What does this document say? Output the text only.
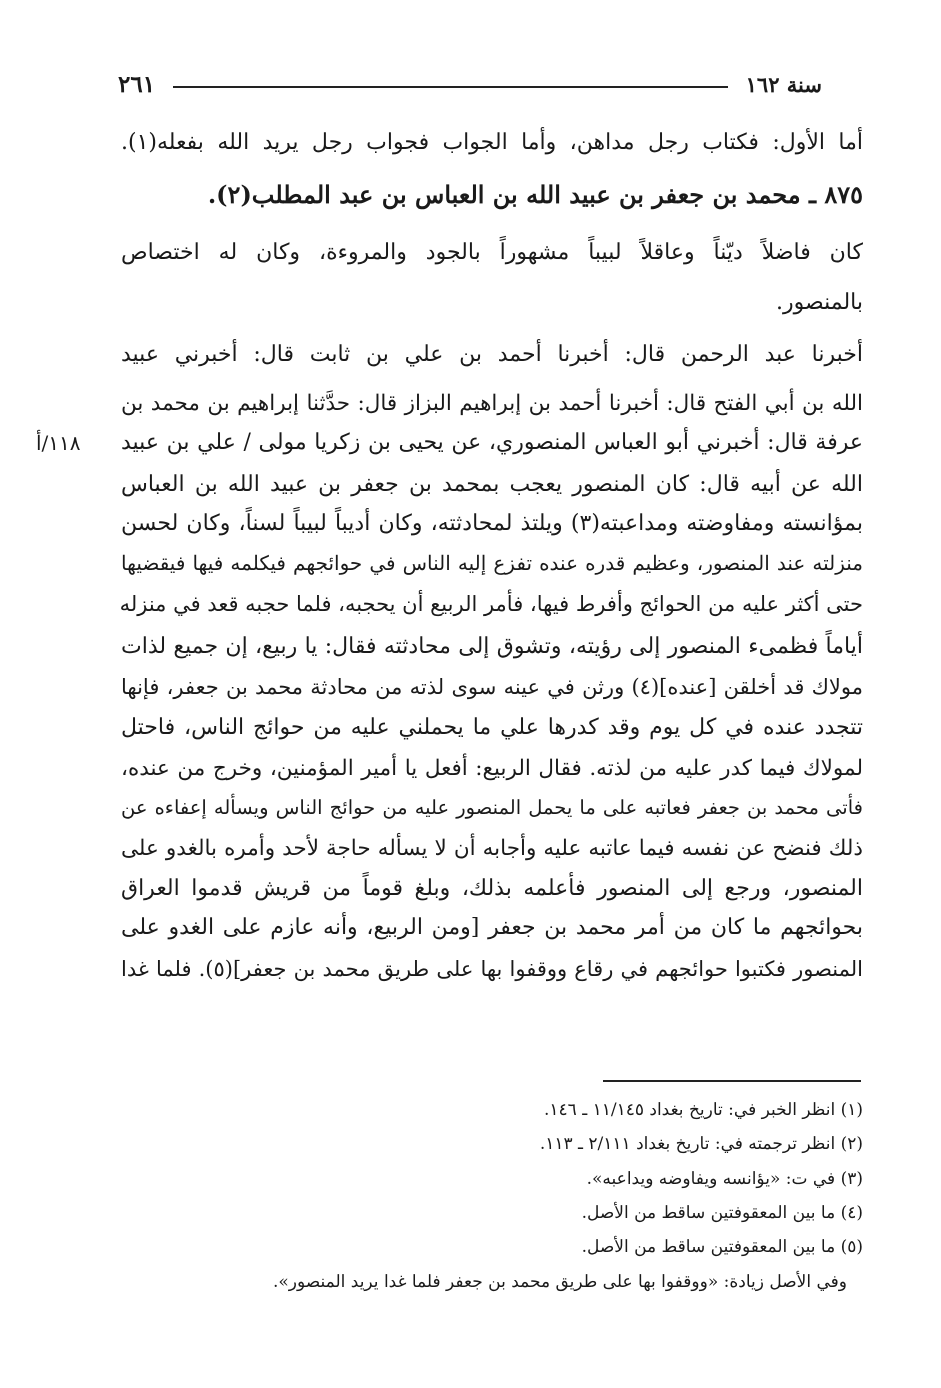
سنة ١٦٢
٢٦١
أما الأول: فكتاب رجل مداهن، وأما الجواب فجواب رجل يريد الله بفعله(١).
٨٧٥ ـ محمد بن جعفر بن عبيد الله بن العباس بن عبد المطلب(٢).
كان فاضلاً ديّناً وعاقلاً لبيباً مشهوراً بالجود والمروءة، وكان له اختصاص
بالمنصور.
أخبرنا عبد الرحمن قال: أخبرنا أحمد بن علي بن ثابت قال: أخبرني عبيد
الله بن أبي الفتح قال: أخبرنا أحمد بن إبراهيم البزاز قال: حدَّثنا إبراهيم بن محمد بن
عرفة قال: أخبرني أبو العباس المنصوري، عن يحيى بن زكريا مولى / علي بن عبيد
١١٨/أ
الله عن أبيه قال: كان المنصور يعجب بمحمد بن جعفر بن عبيد الله بن العباس
بمؤانسته ومفاوضته ومداعبته(٣) ويلتذ لمحادثته، وكان أديباً لبيباً لسناً، وكان لحسن
منزلته عند المنصور، وعظيم قدره عنده تفزع إليه الناس في حوائجهم فيكلمه فيها فيقضيها
حتى أكثر عليه من الحوائج وأفرط فيها، فأمر الربيع أن يحجبه، فلما حجبه قعد في منزله
أياماً فظمىء المنصور إلى رؤيته، وتشوق إلى محادثته فقال: يا ربيع، إن جميع لذات
مولاك قد أخلقن [عنده](٤) ورثن في عينه سوى لذته من محادثة محمد بن جعفر، فإنها
تتجدد عنده في كل يوم وقد كدرها علي ما يحملني عليه من حوائج الناس، فاحتل
لمولاك فيما كدر عليه من لذته. فقال الربيع: أفعل يا أمير المؤمنين، وخرج من عنده،
فأتى محمد بن جعفر فعاتبه على ما يحمل المنصور عليه من حوائج الناس ويسأله إعفاءه عن
ذلك فنضح عن نفسه فيما عاتبه عليه وأجابه أن لا يسأله حاجة لأحد وأمره بالغدو على
المنصور، ورجع إلى المنصور فأعلمه بذلك، وبلغ قوماً من قريش قدموا العراق
بحوائجهم ما كان من أمر محمد بن جعفر [ومن الربيع، وأنه عازم على الغدو على
المنصور فكتبوا حوائجهم في رقاع ووقفوا بها على طريق محمد بن جعفر](٥). فلما غدا
(١) انظر الخبر في: تاريخ بغداد ١١/١٤٥ ـ ١٤٦.
(٢) انظر ترجمته في: تاريخ بغداد ٢/١١١ ـ ١١٣.
(٣) في ت: «يؤانسه ويفاوضه ويداعبه».
(٤) ما بين المعقوفتين ساقط من الأصل.
(٥) ما بين المعقوفتين ساقط من الأصل.
وفي الأصل زيادة: «ووقفوا بها على طريق محمد بن جعفر فلما غدا يريد المنصور».
